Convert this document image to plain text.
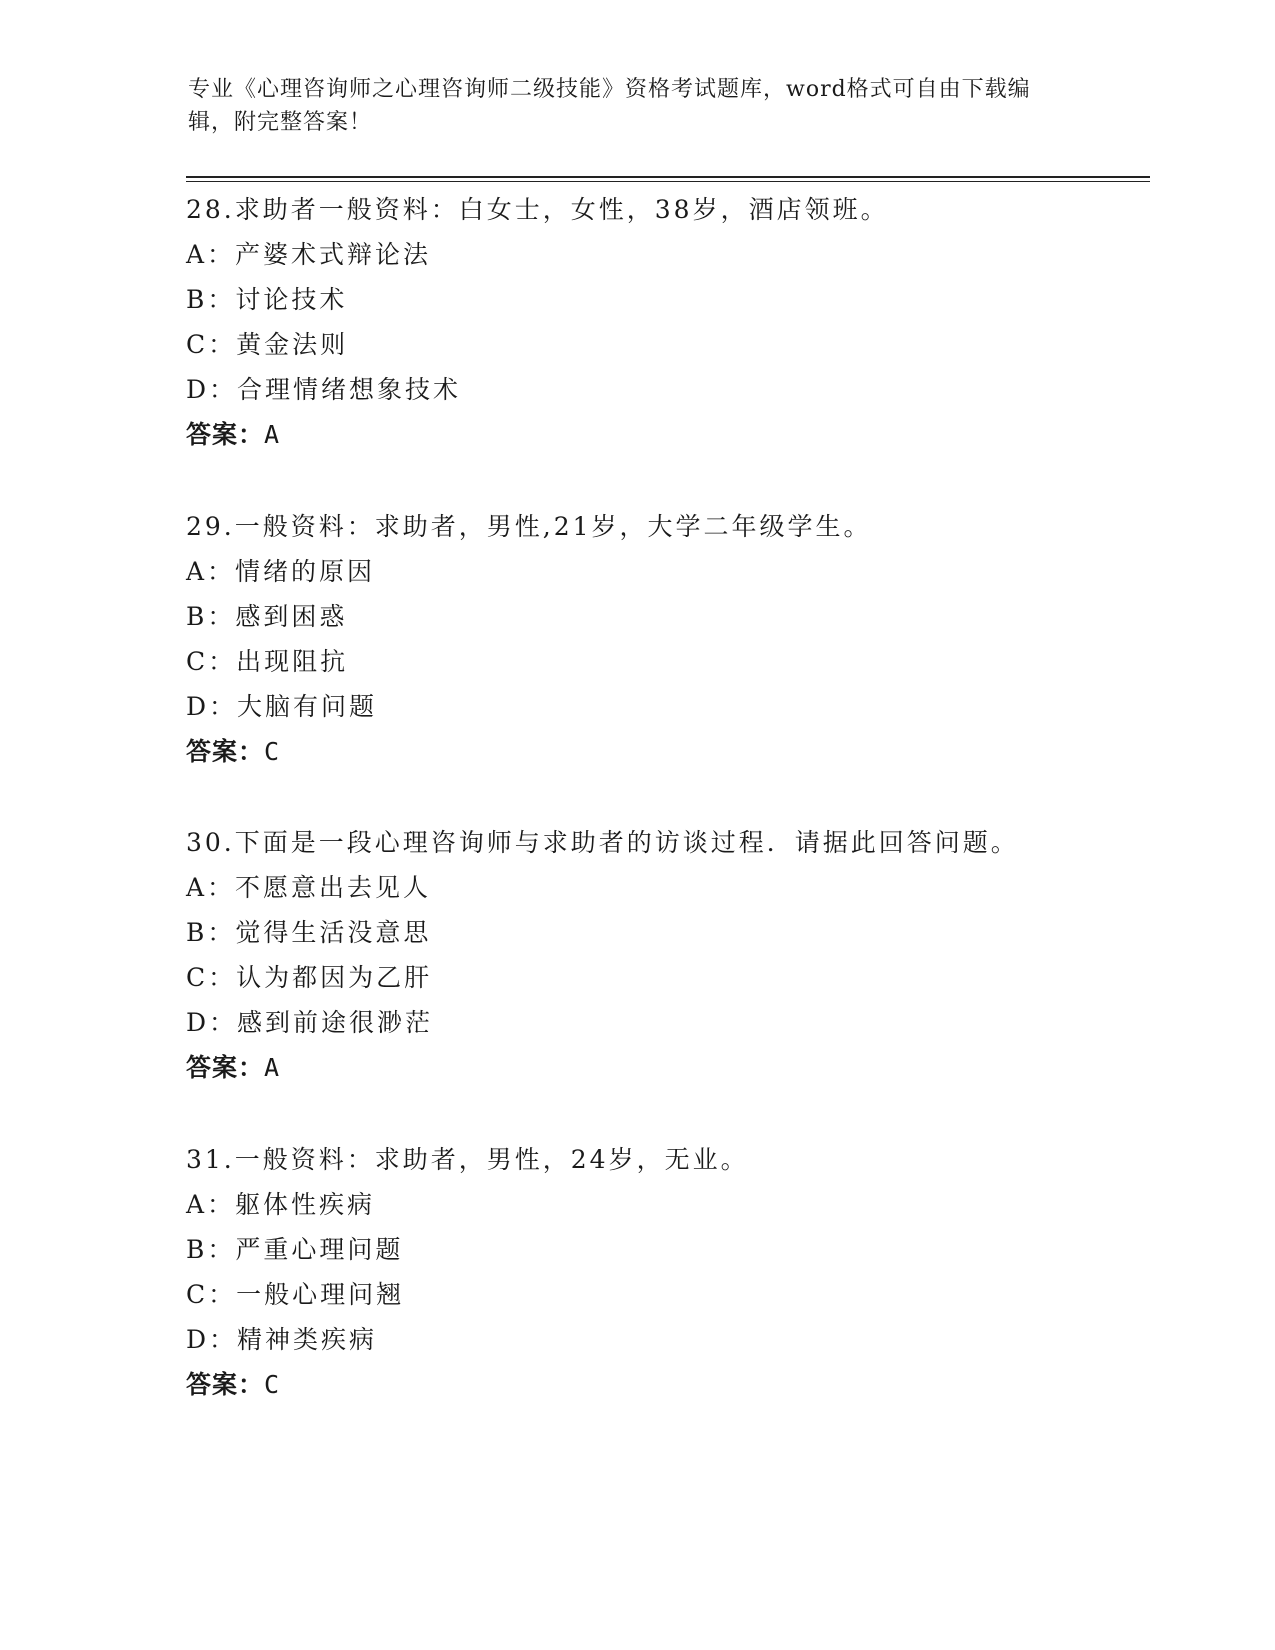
专业《心理咨询师之心理咨询师二级技能》资格考试题库，word格式可自由下载编辑，附完整答案！
28.求助者一般资料：白女士，女性，38岁，酒店领班。
A：产婆术式辩论法
B：讨论技术
C：黄金法则
D：合理情绪想象技术
答案：A
29.一般资料：求助者，男性,21岁，大学二年级学生。
A：情绪的原因
B：感到困惑
C：出现阻抗
D：大脑有问题
答案：C
30.下面是一段心理咨询师与求助者的访谈过程．请据此回答问题。
A：不愿意出去见人
B：觉得生活没意思
C：认为都因为乙肝
D：感到前途很渺茫
答案：A
31.一般资料：求助者，男性，24岁，无业。
A：躯体性疾病
B：严重心理问题
C：一般心理问翘
D：精神类疾病
答案：C
